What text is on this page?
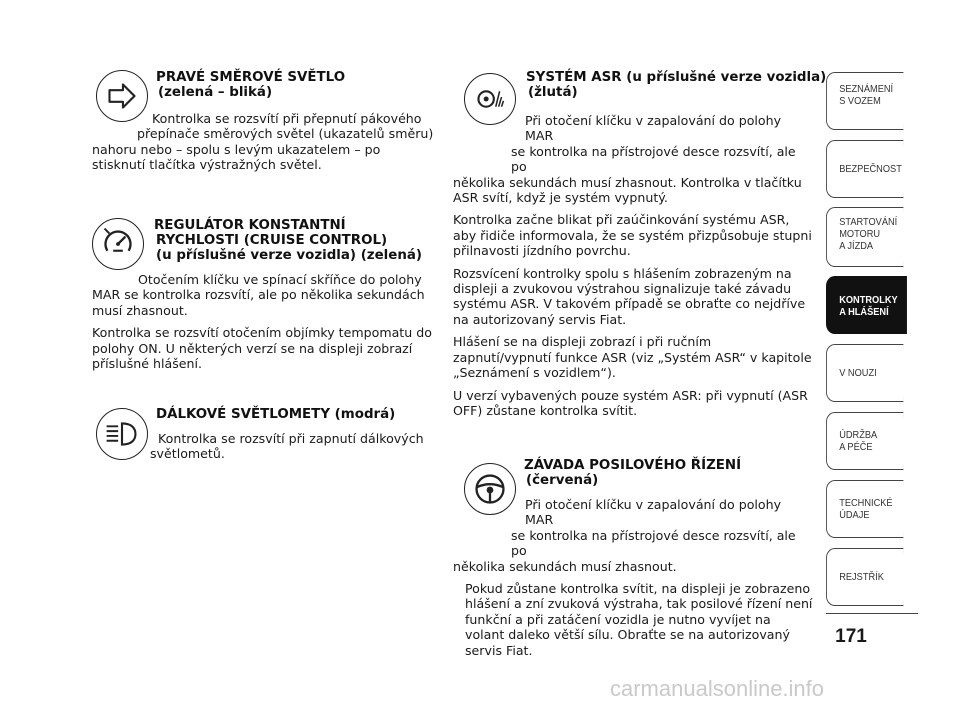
PRAVÉ SMĚROVÉ SVĚTLO
(zelená – bliká)
Kontrolka se rozsvítí při přepnutí pákového
přepínače směrových světel (ukazatelů směru)
nahoru nebo – spolu s levým ukazatelem – po stisknutí tlačítka výstražných světel.
REGULÁTOR KONSTANTNÍ
RYCHLOSTI (CRUISE CONTROL)
(u příslušné verze vozidla) (zelená)

Otočením klíčku ve spínací skříňce do polohy MAR se kontrolka rozsvítí, ale po několika sekundách musí zhasnout.

Kontrolka se rozsvítí otočením objímky tempomatu do polohy ON. U některých verzí se na displeji zobrazí příslušné hlášení.

DÁLKOVÉ SVĚTLOMETY (modrá)
Kontrolka se rozsvítí při zapnutí dálkových
světlometů.
SYSTÉM ASR (u příslušné verze vozidla)
(žlutá)

Při otočení klíčku v zapalování do polohy MAR
se kontrolka na přístrojové desce rozsvítí, ale po
několika sekundách musí zhasnout. Kontrolka v tlačítku ASR svítí, když je systém vypnutý.

Kontrolka začne blikat při zaúčinkování systému ASR, aby řidiče informovala, že se systém přizpůsobuje stupni přilnavosti jízdního povrchu.

Rozsvícení kontrolky spolu s hlášením zobrazeným na displeji a zvukovou výstrahou signalizuje také závadu systému ASR. V takovém případě se obraťte co nejdříve na autorizovaný servis Fiat.

Hlášení se na displeji zobrazí i při ručním zapnutí/vypnutí funkce ASR (viz „Systém ASR“ v kapitole „Seznámení s vozidlem“).

U verzí vybavených pouze systém ASR: při vypnutí (ASR OFF) zůstane kontrolka svítit.

ZÁVADA POSILOVÉHO ŘÍZENÍ
(červená)

Při otočení klíčku v zapalování do polohy MAR
se kontrolka na přístrojové desce rozsvítí, ale po
několika sekundách musí zhasnout.

Pokud zůstane kontrolka svítit, na displeji je zobrazeno hlášení a zní zvuková výstraha, tak posilové řízení není funkční a při zatáčení vozidla je nutno vyvíjet na volant daleko větší sílu. Obraťte se na autorizovaný servis Fiat.

SEZNÁMENÍ
S VOZEM
BEZPEČNOST
STARTOVÁNÍ
MOTORU
A JÍZDA
KONTROLKY
A HLÁŠENÍ
V NOUZI
ÚDRŽBA
A PÉČE
TECHNICKÉ
ÚDAJE
REJSTŘÍK
171
carmanualsonline.info
